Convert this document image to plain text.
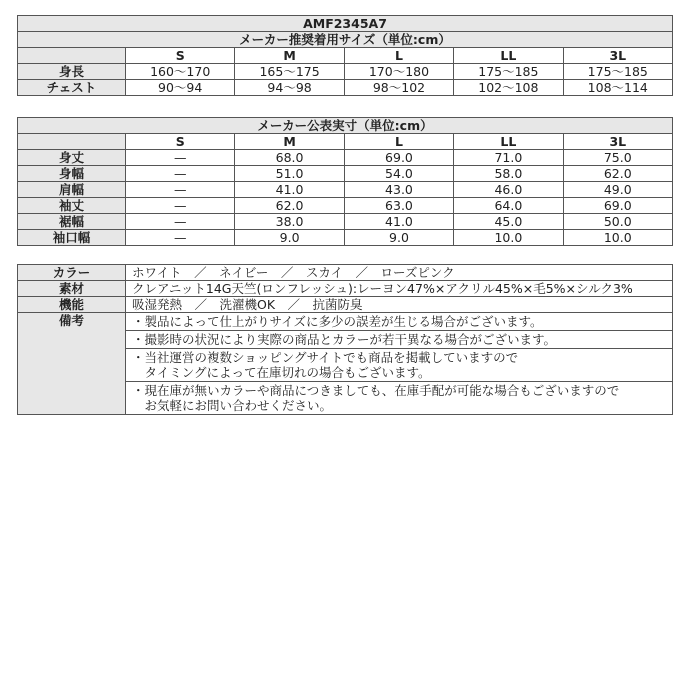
AMF2345A7					
メーカー推奨着用サイズ（単位:cm）					
	S	M	L	LL	3L
身長	160〜170	165〜175	170〜180	175〜185	175〜185
チェスト	90〜94	94〜98	98〜102	102〜108	108〜114
メーカー公表実寸（単位:cm）					
	S	M	L	LL	3L
身丈	—	68.0	69.0	71.0	75.0
身幅	—	51.0	54.0	58.0	62.0
肩幅	—	41.0	43.0	46.0	49.0
袖丈	—	62.0	63.0	64.0	69.0
裾幅	—	38.0	41.0	45.0	50.0
袖口幅	—	9.0	9.0	10.0	10.0
カラー	ホワイト　／　ネイビー　／　スカイ　／　ローズピンク
素材	クレアニット14G天竺(ロンフレッシュ):レーヨン47%×アクリル45%×毛5%×シルク3%
機能	吸湿発熱　／　洗濯機OK　／　抗菌防臭
備考	・製品によって仕上がりサイズに多少の誤差が生じる場合がございます。

	・撮影時の状況により実際の商品とカラーが若干異なる場合がございます。

	・当社運営の複数ショッピングサイトでも商品を掲載していますので
　タイミングによって在庫切れの場合もございます。

	・現在庫が無いカラーや商品につきましても、在庫手配が可能な場合もございますので
　お気軽にお問い合わせください。
